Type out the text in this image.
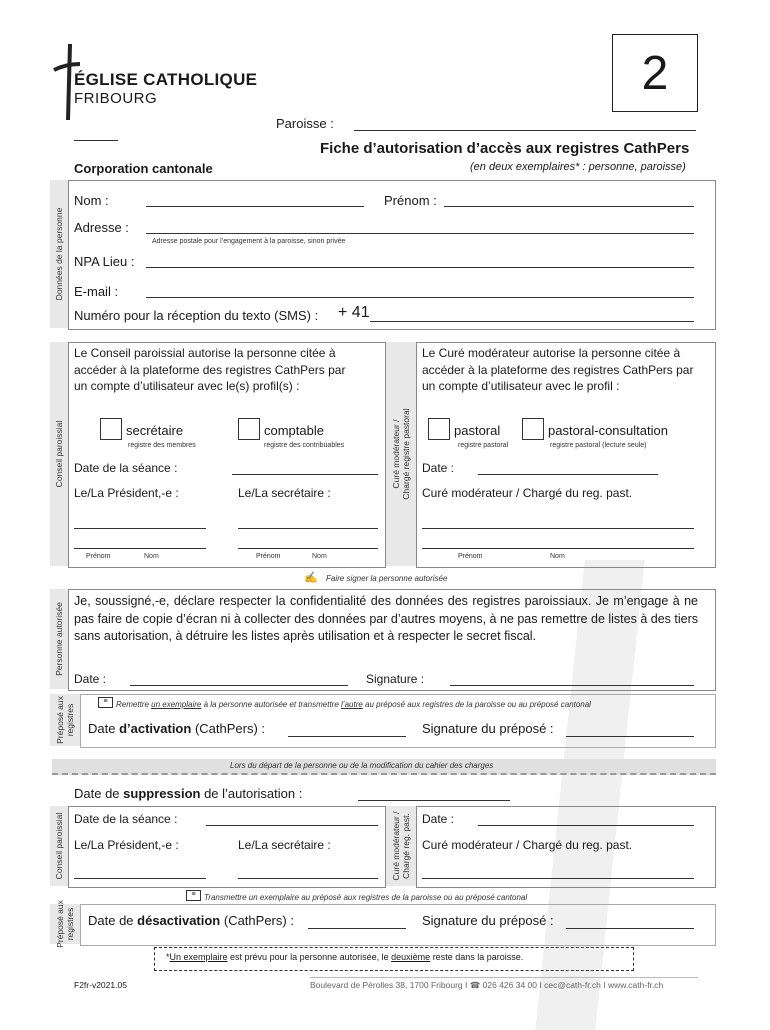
ÉGLISE CATHOLIQUE
FRIBOURG	2
Paroisse :
Fiche d’autorisation d’accès aux registres CathPers
Corporation cantonale	(en deux exemplaires* : personne, paroisse)
Données de la personne
Nom :	Prénom :
Adresse :
Adresse postale pour l’engagement à la paroisse, sinon privée
NPA Lieu :
E-mail :
Numéro pour la réception du texto (SMS) : + 41
Conseil paroissial	Curé modérateur / Chargé registre pastoral
Le Conseil paroissial autorise la personne citée à accéder à la plateforme des registres CathPers par un compte d’utilisateur avec le(s) profil(s) :
secrétaire
registre des membres
comptable
registre des contribuables
Date de la séance :
Le/La Président,-e :	Le/La secrétaire :
Prénom	Nom	Prénom	Nom
Le Curé modérateur autorise la personne citée à accéder à la plateforme des registres CathPers par un compte d’utilisateur avec le profil :
pastoral
registre pastoral
pastoral-consultation
registre pastoral (lecture seule)
Date :
Curé modérateur / Chargé du reg. past.
Prénom	Nom
✍ Faire signer la personne autorisée
Personne autorisée
Je, soussigné,-e, déclare respecter la confidentialité des données des registres paroissiaux. Je m’engage à ne pas faire de copie d’écran ni à collecter des données par d’autres moyens, à ne pas remettre de listes à des tiers sans autorisation, à détruire les listes après utilisation et à respecter le secret fiscal.
Date :	Signature :
Préposé aux registres
≡	Remettre un exemplaire à la personne autorisée et transmettre l’autre au préposé aux registres de la paroisse ou au préposé cantonal
Date d’activation (CathPers) :	Signature du préposé :
Lors du départ de la personne ou de la modification du cahier des charges
Date de suppression de l’autorisation :
Conseil paroissial	Curé modérateur / Chargé reg. past.
Date de la séance :
Le/La Président,-e :	Le/La secrétaire :
Date :
Curé modérateur / Chargé du reg. past.
≡	Transmettre un exemplaire au préposé aux registres de la paroisse ou au préposé cantonal
Préposé aux registres Date de désactivation (CathPers) :	Signature du préposé :
*Un exemplaire est prévu pour la personne autorisée, le deuxième reste dans la paroisse.
F2fr-v2021.05	Boulevard de Pérolles 38, 1700 Fribourg I ☎ 026 426 34 00 I cec@cath-fr.ch I www.cath-fr.ch
